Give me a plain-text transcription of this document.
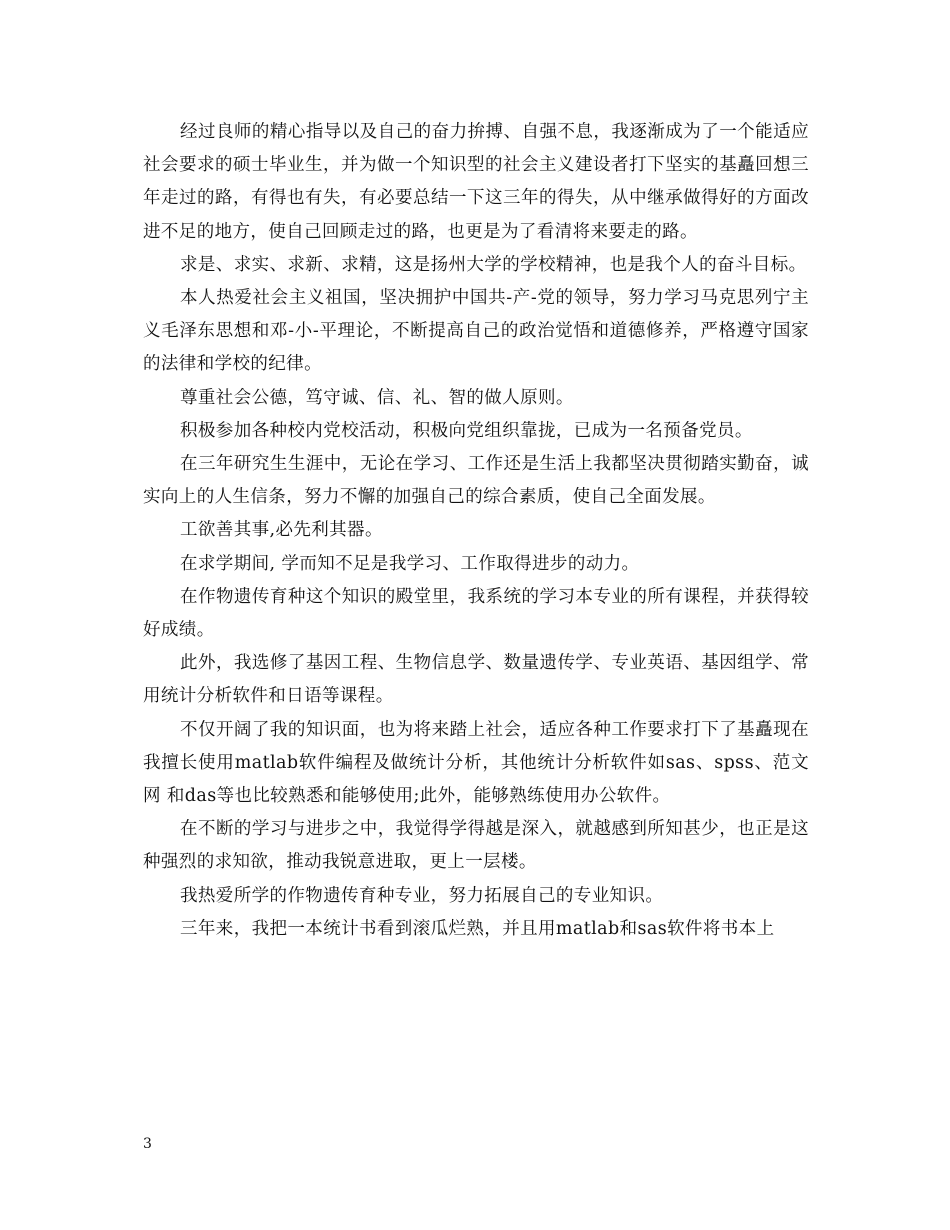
经过良师的精心指导以及自己的奋力拚搏、自强不息，我逐渐成为了一个能适应社会要求的硕士毕业生，并为做一个知识型的社会主义建设者打下坚实的基矗回想三年走过的路，有得也有失，有必要总结一下这三年的得失，从中继承做得好的方面改进不足的地方，使自己回顾走过的路，也更是为了看清将来要走的路。

求是、求实、求新、求精，这是扬州大学的学校精神，也是我个人的奋斗目标。

本人热爱社会主义祖国，坚决拥护中国共-产-党的领导，努力学习马克思列宁主义毛泽东思想和邓-小-平理论，不断提高自己的政治觉悟和道德修养，严格遵守国家的法律和学校的纪律。

尊重社会公德，笃守诚、信、礼、智的做人原则。

积极参加各种校内党校活动，积极向党组织靠拢，已成为一名预备党员。

在三年研究生生涯中，无论在学习、工作还是生活上我都坚决贯彻踏实勤奋，诚实向上的人生信条，努力不懈的加强自己的综合素质，使自己全面发展。

工欲善其事,必先利其器。

在求学期间, 学而知不足是我学习、工作取得进步的动力。

在作物遗传育种这个知识的殿堂里，我系统的学习本专业的所有课程，并获得较好成绩。

此外，我选修了基因工程、生物信息学、数量遗传学、专业英语、基因组学、常用统计分析软件和日语等课程。

不仅开阔了我的知识面，也为将来踏上社会，适应各种工作要求打下了基矗现在我擅长使用matlab软件编程及做统计分析，其他统计分析软件如sas、spss、范文网 和das等也比较熟悉和能够使用;此外，能够熟练使用办公软件。

在不断的学习与进步之中，我觉得学得越是深入，就越感到所知甚少，也正是这种强烈的求知欲，推动我锐意进取，更上一层楼。

我热爱所学的作物遗传育种专业，努力拓展自己的专业知识。

三年来，我把一本统计书看到滚瓜烂熟，并且用matlab和sas软件将书本上

3
